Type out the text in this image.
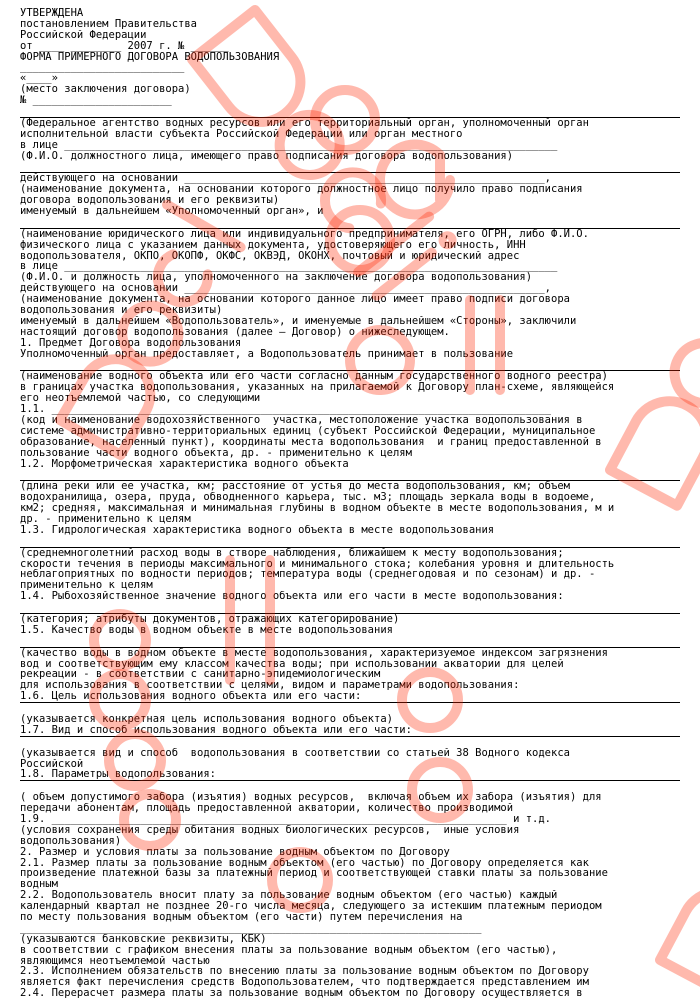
УТВЕРЖДЕНА
постановлением Правительства
Российской Федерации
от ____ ________ 2007 г. № ______
ФОРМА ПРИМЕРНОГО ДОГОВОРА ВОДОПОЛЬЗОВАНИЯ
__________________________
«____»
(место заключения договора)
№ ______________________
(Федеральное агентство водных ресурсов или его территориальный орган, уполномоченный орган
исполнительной власти субъекта Российской Федерации или орган местного
в лице ______________________________________________________________________________
(Ф.И.О. должностного лица, имеющего право подписания договора водопользования)
действующего на основании _________________________________________________________,
(наименование документа, на основании которого должностное лицо получило право подписания
договора водопользования и его реквизиты)
именуемый в дальнейшем «Уполномоченный орган», и
(наименование юридического лица или индивидуального предпринимателя, его ОГРН, либо Ф.И.О.
физического лица с указанием данных документа, удостоверяющего его личность, ИНН
водопользователя, ОКПО, ОКОПФ, ОКФС, ОКВЭД, ОКОНХ, почтовый и юридический адрес
в лице ______________________________________________________________________________
(Ф.И.О. и должность лица, уполномоченного на заключение договора водопользования)
действующего на основании _________________________________________________________,
(наименование документа, на основании которого данное лицо имеет право подписи договора
водопользования и его реквизиты)
именуемый в дальнейшем «Водопользователь», и именуемые в дальнейшем «Стороны», заключили
настоящий договор водопользования (далее – Договор) о нижеследующем.
1. Предмет Договора водопользования
Уполномоченный орган предоставляет, а Водопользователь принимает в пользование
(наименование водного объекта или его части согласно данным государственного водного реестра)
в границах участка водопользования, указанных на прилагаемой к Договору план-схеме, являющейся
его неотъемлемой частью, со следующими
1.1. _______________________________________________________________________________
(код и наименование водохозяйственного  участка, местоположение участка водопользования в
системе административно-территориальных единиц (субъект Российской Федерации, муниципальное
образование, населенный пункт), координаты места водопользования  и границ предоставленной в
пользование части водного объекта, др. - применительно к целям
1.2. Морфометрическая характеристика водного объекта
(длина реки или ее участка, км; расстояние от устья до места водопользования, км; объем
водохранилища, озера, пруда, обводненного карьера, тыс. м3; площадь зеркала воды в водоеме,
км2; средняя, максимальная и минимальная глубины в водном объекте в месте водопользования, м и
др. - применительно к целям
1.3. Гидрологическая характеристика водного объекта в месте водопользования
(среднемноголетний расход воды в створе наблюдения, ближайшем к месту водопользования;
скорости течения в периоды максимального и минимального стока; колебания уровня и длительность
неблагоприятных по водности периодов; температура воды (среднегодовая и по сезонам) и др. -
применительно к целям
1.4. Рыбохозяйственное значение водного объекта или его части в месте водопользования:
(категория; атрибуты документов, отражающих категорирование)
1.5. Качество воды в водном объекте в месте водопользования
(качество воды в водном объекте в месте водопользования, характеризуемое индексом загрязнения
вод и соответствующим ему классом качества воды; при использовании акватории для целей
рекреации - в соответствии с санитарно-эпидемиологическим
для использования в соответствии с целями, видом и параметрами водопользования:
1.6. Цель использования водного объекта или его части:
(указывается конкретная цель использования водного объекта)
1.7. Вид и способ использования водного объекта или его части:
(указывается вид и способ  водопользования в соответствии со статьей 38 Водного кодекса
Российской
1.8. Параметры водопользования:
( объем допустимого забора (изъятия) водных ресурсов,  включая объем их забора (изъятия) для
передачи абонентам, площадь предоставленной акватории, количество производимой
1.9. ________________________________________________________________________ и т.д.
(условия сохранения среды обитания водных биологических ресурсов,  иные условия
водопользования)
2. Размер и условия платы за пользование водным объектом по Договору
2.1. Размер платы за пользование водным объектом (его частью) по Договору определяется как
произведение платежной базы за платежный период и соответствующей ставки платы за пользование
водным
2.2. Водопользователь вносит плату за пользование водным объектом (его частью) каждый
календарный квартал не позднее 20-го числа месяца, следующего за истекшим платежным периодом
по месту пользования водным объектом (его части) путем перечисления на
_________________________________________________________________________
(указываются банковские реквизиты, КБК)
в соответствии с графиком внесения платы за пользование водным объектом (его частью),
являющимся неотъемлемой частью
2.3. Исполнением обязательств по внесению платы за пользование водным объектом по Договору
является факт перечисления средств Водопользователем, что подтверждается представлением им
2.4. Перерасчет размера платы за пользование водным объектом по Договору осуществляется в
